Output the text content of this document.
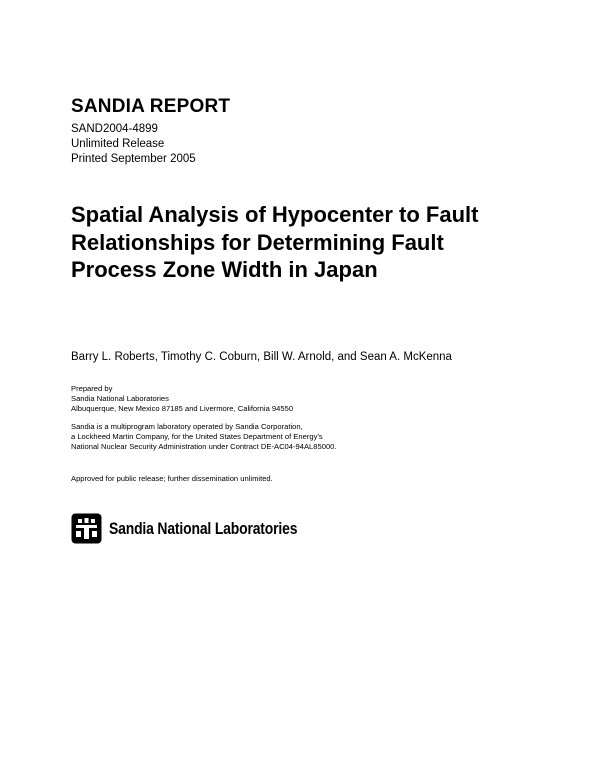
SANDIA REPORT
SAND2004-4899
Unlimited Release
Printed September 2005
Spatial Analysis of Hypocenter to Fault
Relationships for Determining Fault
Process Zone Width in Japan
Barry L. Roberts, Timothy C. Coburn, Bill W. Arnold, and Sean A. McKenna
Prepared by
Sandia National Laboratories
Albuquerque, New Mexico 87185 and Livermore, California 94550
Sandia is a multiprogram laboratory operated by Sandia Corporation,
a Lockheed Martin Company, for the United States Department of Energy’s
National Nuclear Security Administration under Contract DE-AC04-94AL85000.
Approved for public release; further dissemination unlimited.
Sandia National Laboratories
